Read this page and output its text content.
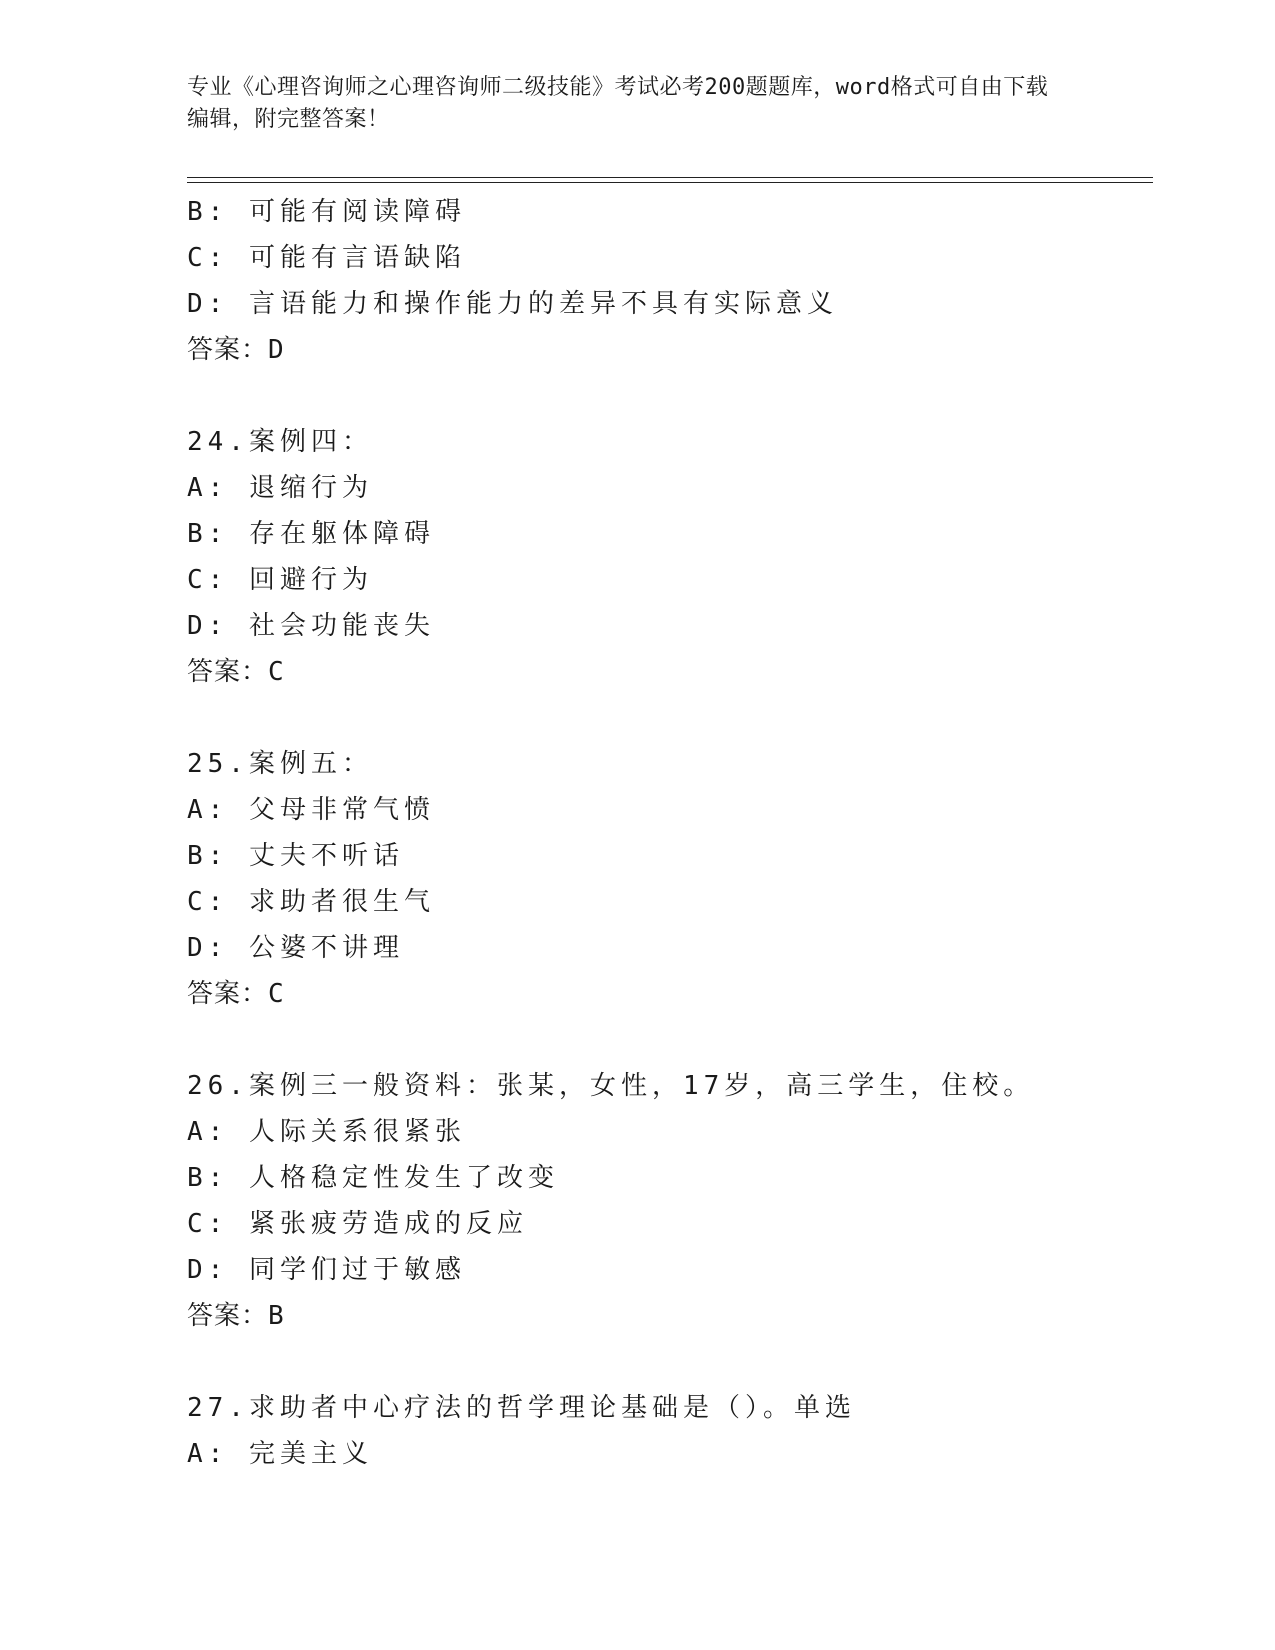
专业《心理咨询师之心理咨询师二级技能》考试必考200题题库，word格式可自由下载编辑，附完整答案！
B: 可能有阅读障碍
C: 可能有言语缺陷
D: 言语能力和操作能力的差异不具有实际意义
答案：D
24.案例四：
A: 退缩行为
B: 存在躯体障碍
C: 回避行为
D: 社会功能丧失
答案：C
25.案例五：
A: 父母非常气愤
B: 丈夫不听话
C: 求助者很生气
D: 公婆不讲理
答案：C
26.案例三一般资料：张某，女性，17岁，高三学生，住校。
A: 人际关系很紧张
B: 人格稳定性发生了改变
C: 紧张疲劳造成的反应
D: 同学们过于敏感
答案：B
27.求助者中心疗法的哲学理论基础是（）。单选
A: 完美主义
